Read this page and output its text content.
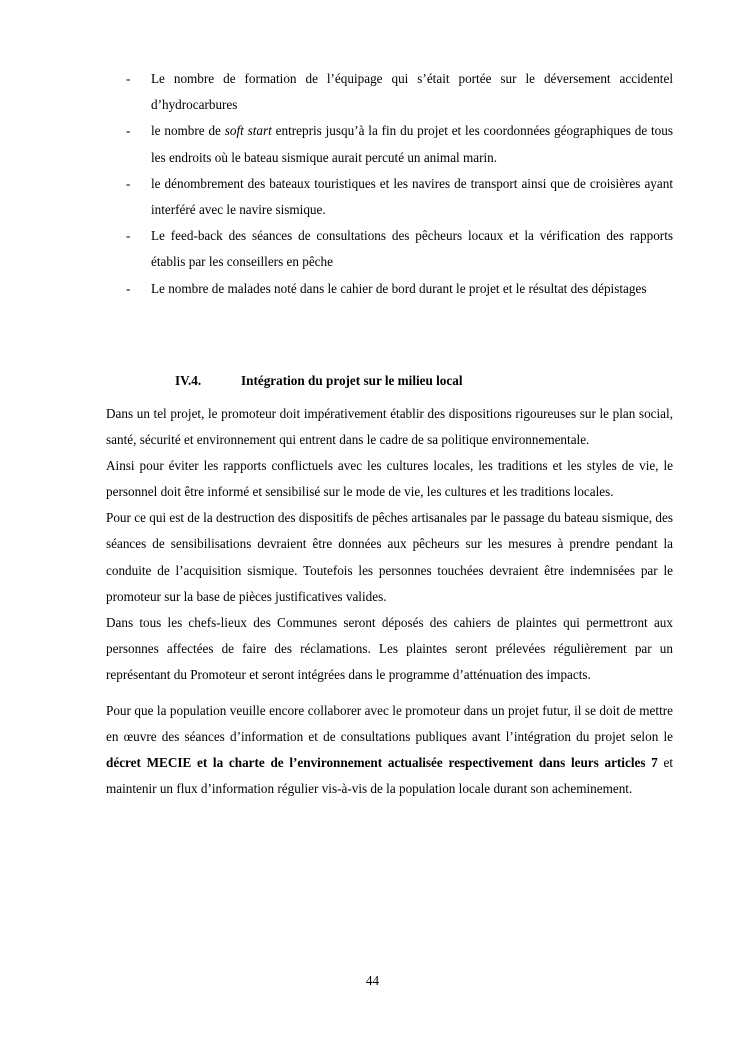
- Le nombre de formation de l’équipage qui s’était portée sur le déversement accidentel d’hydrocarbures
- le nombre de soft start entrepris jusqu’à la fin du projet et les coordonnées géographiques de tous les endroits où le bateau sismique aurait percuté un animal marin.
- le dénombrement des bateaux touristiques et les navires de transport ainsi que de croisières ayant interféré avec le navire sismique.
- Le feed-back des séances de consultations des pêcheurs locaux et la vérification des rapports établis par les conseillers en pêche
- Le nombre de malades noté dans le cahier de bord durant le projet et le résultat des dépistages
IV.4.	Intégration du projet sur le milieu local

Dans un tel projet, le promoteur doit impérativement établir des dispositions rigoureuses sur le plan social, santé, sécurité et environnement qui entrent dans le cadre de sa politique environnementale.

Ainsi pour éviter les rapports conflictuels avec les cultures locales, les traditions et les styles de vie, le personnel doit être informé et sensibilisé sur le mode de vie, les cultures et les traditions locales.

Pour ce qui est de la destruction des dispositifs de pêches artisanales par le passage du bateau sismique, des séances de sensibilisations devraient être données aux pêcheurs sur les mesures à prendre pendant la conduite de l’acquisition sismique. Toutefois les personnes touchées devraient être indemnisées par le promoteur sur la base de pièces justificatives valides.

Dans tous les chefs-lieux des Communes seront déposés des cahiers de plaintes qui permettront aux personnes affectées de faire des réclamations. Les plaintes seront prélevées régulièrement par un représentant du Promoteur et seront intégrées dans le programme d’atténuation des impacts.

Pour que la population veuille encore collaborer avec le promoteur dans un projet futur, il se doit de mettre en œuvre des séances d’information et de consultations publiques avant l’intégration du projet selon le décret MECIE et la charte de l’environnement actualisée respectivement dans leurs articles 7 et maintenir un flux d’information régulier vis-à-vis de la population locale durant son acheminement.

44
